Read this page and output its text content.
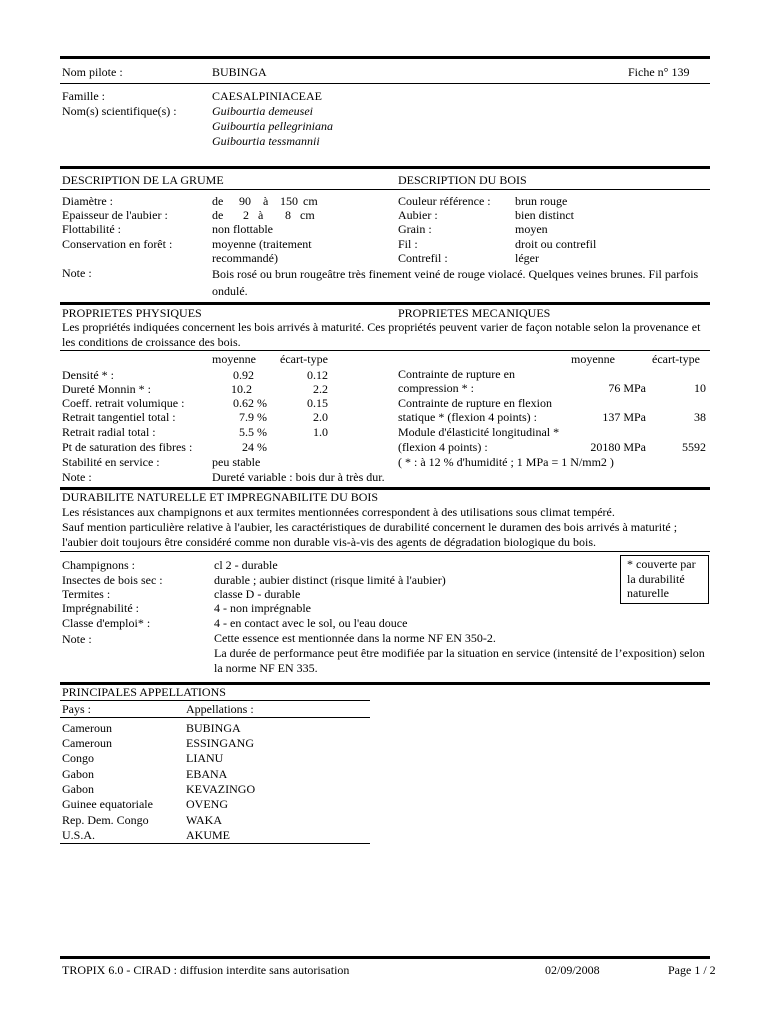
Nom pilote :	BUBINGA	Fiche n° 139
Famille :	CAESALPINIACEAE
Nom(s) scientifique(s) :	Guibourtia demeusei
Guibourtia pellegriniana
Guibourtia tessmannii
DESCRIPTION DE LA GRUME	DESCRIPTION DU BOIS
Diamètre :	de	90 à 150 cm
Epaisseur de l'aubier :	de	2 à	8 cm
Flottabilité :	non flottable
Conservation en forêt :	moyenne (traitement
recommandé)
Couleur référence : brun rouge
Aubier :	bien distinct
Grain :	moyen
Fil :	droit ou contrefil
Contrefil :	léger
Note :	Bois rosé ou brun rougeâtre très finement veiné de rouge violacé. Quelques veines brunes. Fil parfois ondulé.
PROPRIETES PHYSIQUES	PROPRIETES MECANIQUES
Les propriétés indiquées concernent les bois arrivés à maturité. Ces propriétés peuvent varier de façon notable selon la provenance et les conditions de croissance des bois.
moyenne écart-type	moyenne	écart-type
Densité * :	0.92	0.12
Dureté Monnin * :	10.2	2.2
Coeff. retrait volumique :	0.62 %	0.15
Retrait tangentiel total :	7.9 %	2.0
Retrait radial total :	5.5 %	1.0
Pt de saturation des fibres :	24 %
Stabilité en service :	peu stable
Note :	Dureté variable : bois dur à très dur.
Contrainte de rupture en
compression * :	76 MPa	10
Contrainte de rupture en flexion
statique * (flexion 4 points) :	137 MPa	38
Module d'élasticité longitudinal *
(flexion 4 points) :	20180 MPa	5592
( * : à 12 % d'humidité ; 1 MPa = 1 N/mm2 )
DURABILITE NATURELLE ET IMPREGNABILITE DU BOIS
Les résistances aux champignons et aux termites mentionnées correspondent à des utilisations sous climat tempéré.
Sauf mention particulière relative à l'aubier, les caractéristiques de durabilité concernent le duramen des bois arrivés à maturité ; l'aubier doit toujours être considéré comme non durable vis-à-vis des agents de dégradation biologique du bois.
Champignons :	cl 2 - durable
Insectes de bois sec :	durable ; aubier distinct (risque limité à l'aubier)
Termites :	classe D - durable
Imprégnabilité :	4 - non imprégnable
Classe d'emploi* :	4 - en contact avec le sol, ou l'eau douce
Note :	Cette essence est mentionnée dans la norme NF EN 350-2.
La durée de performance peut être modifiée par la situation en service (intensité de l’exposition) selon la norme NF EN 335.
* couverte par
la durabilité
naturelle
PRINCIPALES APPELLATIONS
Pays :	Appellations :
Cameroun	BUBINGA
Cameroun	ESSINGANG
Congo	LIANU
Gabon	EBANA
Gabon	KEVAZINGO
Guinee equatoriale	OVENG
Rep. Dem. Congo	WAKA
U.S.A.	AKUME
TROPIX 6.0 - CIRAD : diffusion interdite sans autorisation	02/09/2008	Page 1 / 2
